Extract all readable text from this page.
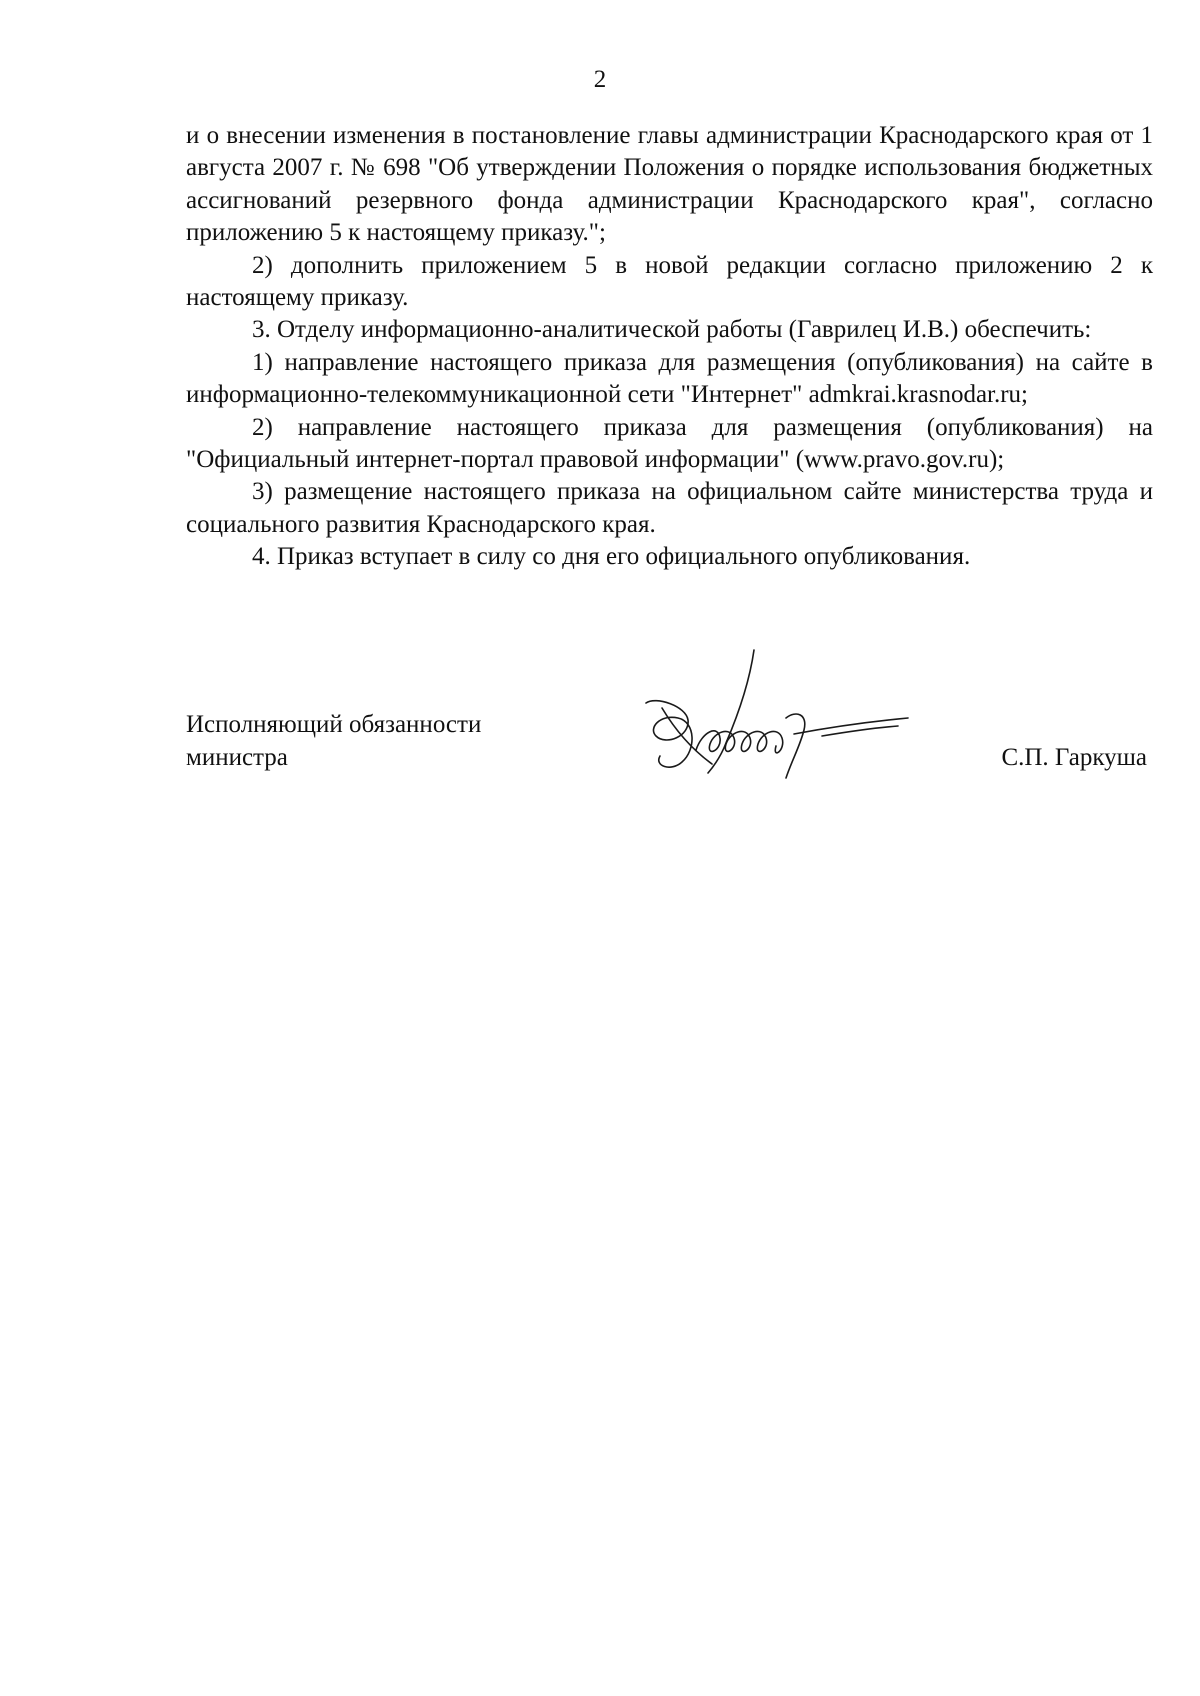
2

и о внесении изменения в постановление главы администрации Краснодарского края от 1 августа 2007 г. № 698 "Об утверждении Положения о порядке использования бюджетных ассигнований резервного фонда администрации Краснодарского края", согласно приложению 5 к настоящему приказу.";

2) дополнить приложением 5 в новой редакции согласно приложению 2 к настоящему приказу.

3. Отделу информационно-аналитической работы (Гаврилец И.В.) обеспечить:

1) направление настоящего приказа для размещения (опубликования) на сайте в информационно-телекоммуникационной сети "Интернет" admkrai.krasnodar.ru;

2) направление настоящего приказа для размещения (опубликования) на "Официальный интернет-портал правовой информации" (www.pravo.gov.ru);

3) размещение настоящего приказа на официальном сайте министерства труда и социального развития Краснодарского края.

4. Приказ вступает в силу со дня его официального опубликования.

Исполняющий обязанности
министра	С.П. Гаркуша
